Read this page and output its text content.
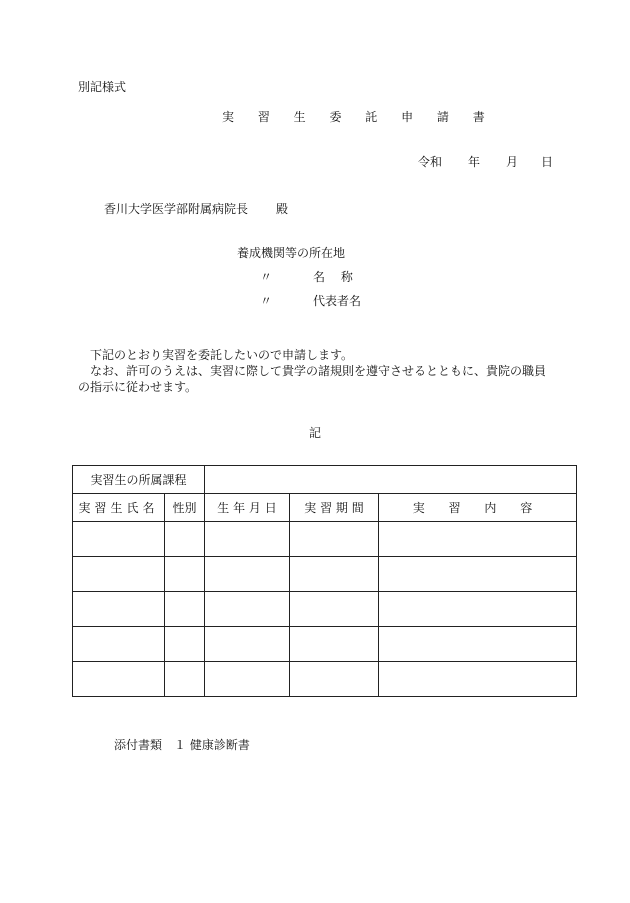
別記様式
実 習 生 委 託 申 請 書
令和 年 月 日
香川大学医学部附属病院長 殿
養成機関等の所在地
〃	名 称
〃	代表者名

　下記のとおり実習を委託したいので申請します。

　なお、許可のうえは、実習に際して貴学の諸規則を遵守させるとともに、貴院の職員

の指示に従わせます。

記
実習生の所属課程				
実習生氏名	性別	生 年 月 日	実 習 期 間	実 習 内 容

添付書類　１ 健康診断書
